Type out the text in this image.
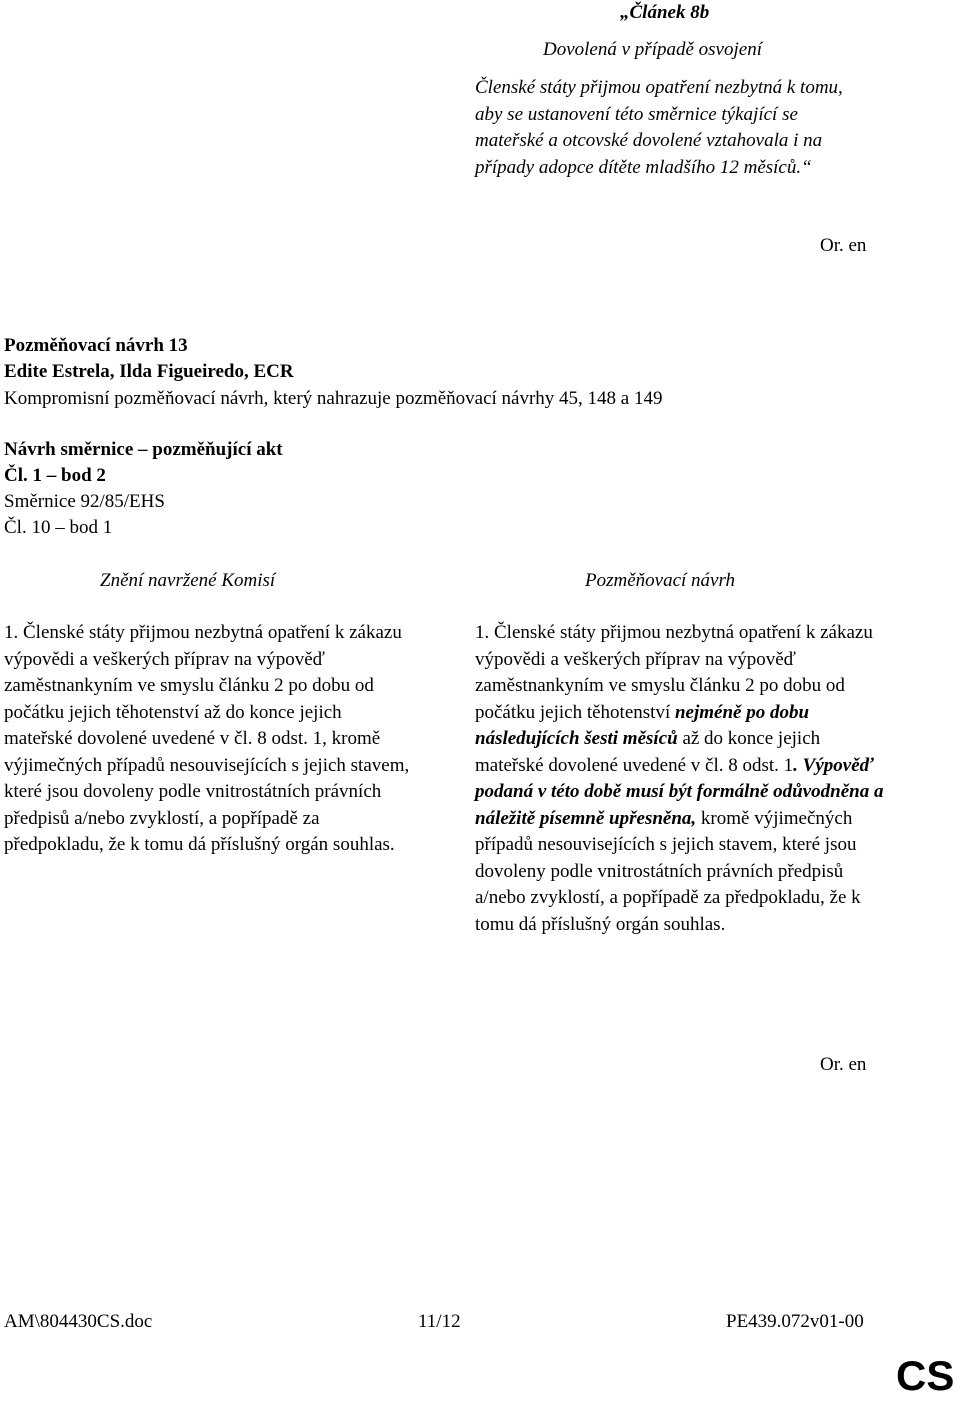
„Článek 8b
Dovolená v případě osvojení
Členské státy přijmou opatření nezbytná k tomu, aby se ustanovení této směrnice týkající se mateřské a otcovské dovolené vztahovala i na případy adopce dítěte mladšího 12 měsíců.“
Or. en
Pozměňovací návrh 13
Edite Estrela, Ilda Figueiredo, ECR
Kompromisní pozměňovací návrh, který nahrazuje pozměňovací návrhy 45, 148 a 149
Návrh směrnice – pozměňující akt
Čl. 1 – bod 2
Směrnice 92/85/EHS
Čl. 10 – bod 1
Znění navržené Komisí	Pozměňovací návrh

1. Členské státy přijmou nezbytná opatření k zákazu výpovědi a veškerých příprav na výpověď zaměstnankyním ve smyslu článku 2 po dobu od počátku jejich těhotenství až do konce jejich mateřské dovolené uvedené v čl. 8 odst. 1, kromě výjimečných případů nesouvisejících s jejich stavem, které jsou dovoleny podle vnitrostátních právních předpisů a/nebo zvyklostí, a popřípadě za předpokladu, že k tomu dá příslušný orgán souhlas.

1. Členské státy přijmou nezbytná opatření k zákazu výpovědi a veškerých příprav na výpověď zaměstnankyním ve smyslu článku 2 po dobu od počátku jejich těhotenství nejméně po dobu následujících šesti měsíců až do konce jejich mateřské dovolené uvedené v čl. 8 odst. 1. Výpověď podaná v této době musí být formálně odůvodněna a náležitě písemně upřesněna, kromě výjimečných případů nesouvisejících s jejich stavem, které jsou dovoleny podle vnitrostátních právních předpisů a/nebo zvyklostí, a popřípadě za předpokladu, že k tomu dá příslušný orgán souhlas.

Or. en
AM\804430CS.doc	11/12	PE439.072v01-00
CS
